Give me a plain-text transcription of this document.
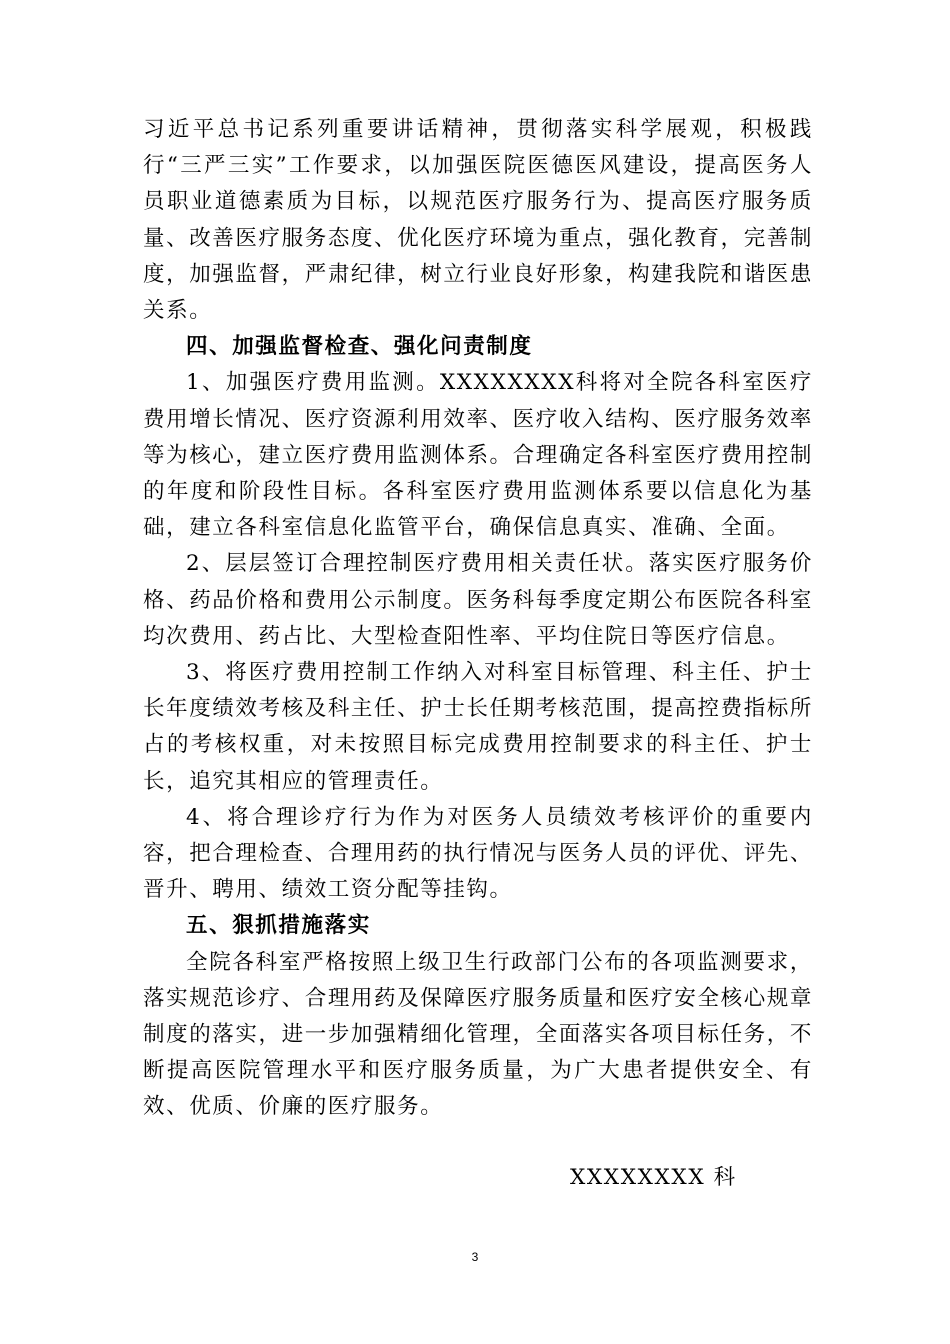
习近平总书记系列重要讲话精神，贯彻落实科学展观，积极践行“三严三实”工作要求，以加强医院医德医风建设，提高医务人员职业道德素质为目标，以规范医疗服务行为、提高医疗服务质量、改善医疗服务态度、优化医疗环境为重点，强化教育，完善制度，加强监督，严肃纪律，树立行业良好形象，构建我院和谐医患关系。

四、加强监督检查、强化问责制度

1、加强医疗费用监测。XXXXXXXX科将对全院各科室医疗费用增长情况、医疗资源利用效率、医疗收入结构、医疗服务效率等为核心，建立医疗费用监测体系。合理确定各科室医疗费用控制的年度和阶段性目标。各科室医疗费用监测体系要以信息化为基础，建立各科室信息化监管平台，确保信息真实、准确、全面。

2、层层签订合理控制医疗费用相关责任状。落实医疗服务价格、药品价格和费用公示制度。医务科每季度定期公布医院各科室均次费用、药占比、大型检查阳性率、平均住院日等医疗信息。

3、将医疗费用控制工作纳入对科室目标管理、科主任、护士长年度绩效考核及科主任、护士长任期考核范围，提高控费指标所占的考核权重，对未按照目标完成费用控制要求的科主任、护士长，追究其相应的管理责任。

4、将合理诊疗行为作为对医务人员绩效考核评价的重要内容，把合理检查、合理用药的执行情况与医务人员的评优、评先、晋升、聘用、绩效工资分配等挂钩。

五、狠抓措施落实

全院各科室严格按照上级卫生行政部门公布的各项监测要求，落实规范诊疗、合理用药及保障医疗服务质量和医疗安全核心规章制度的落实，进一步加强精细化管理，全面落实各项目标任务，不断提高医院管理水平和医疗服务质量，为广大患者提供安全、有效、优质、价廉的医疗服务。

XXXXXXXX 科
3
